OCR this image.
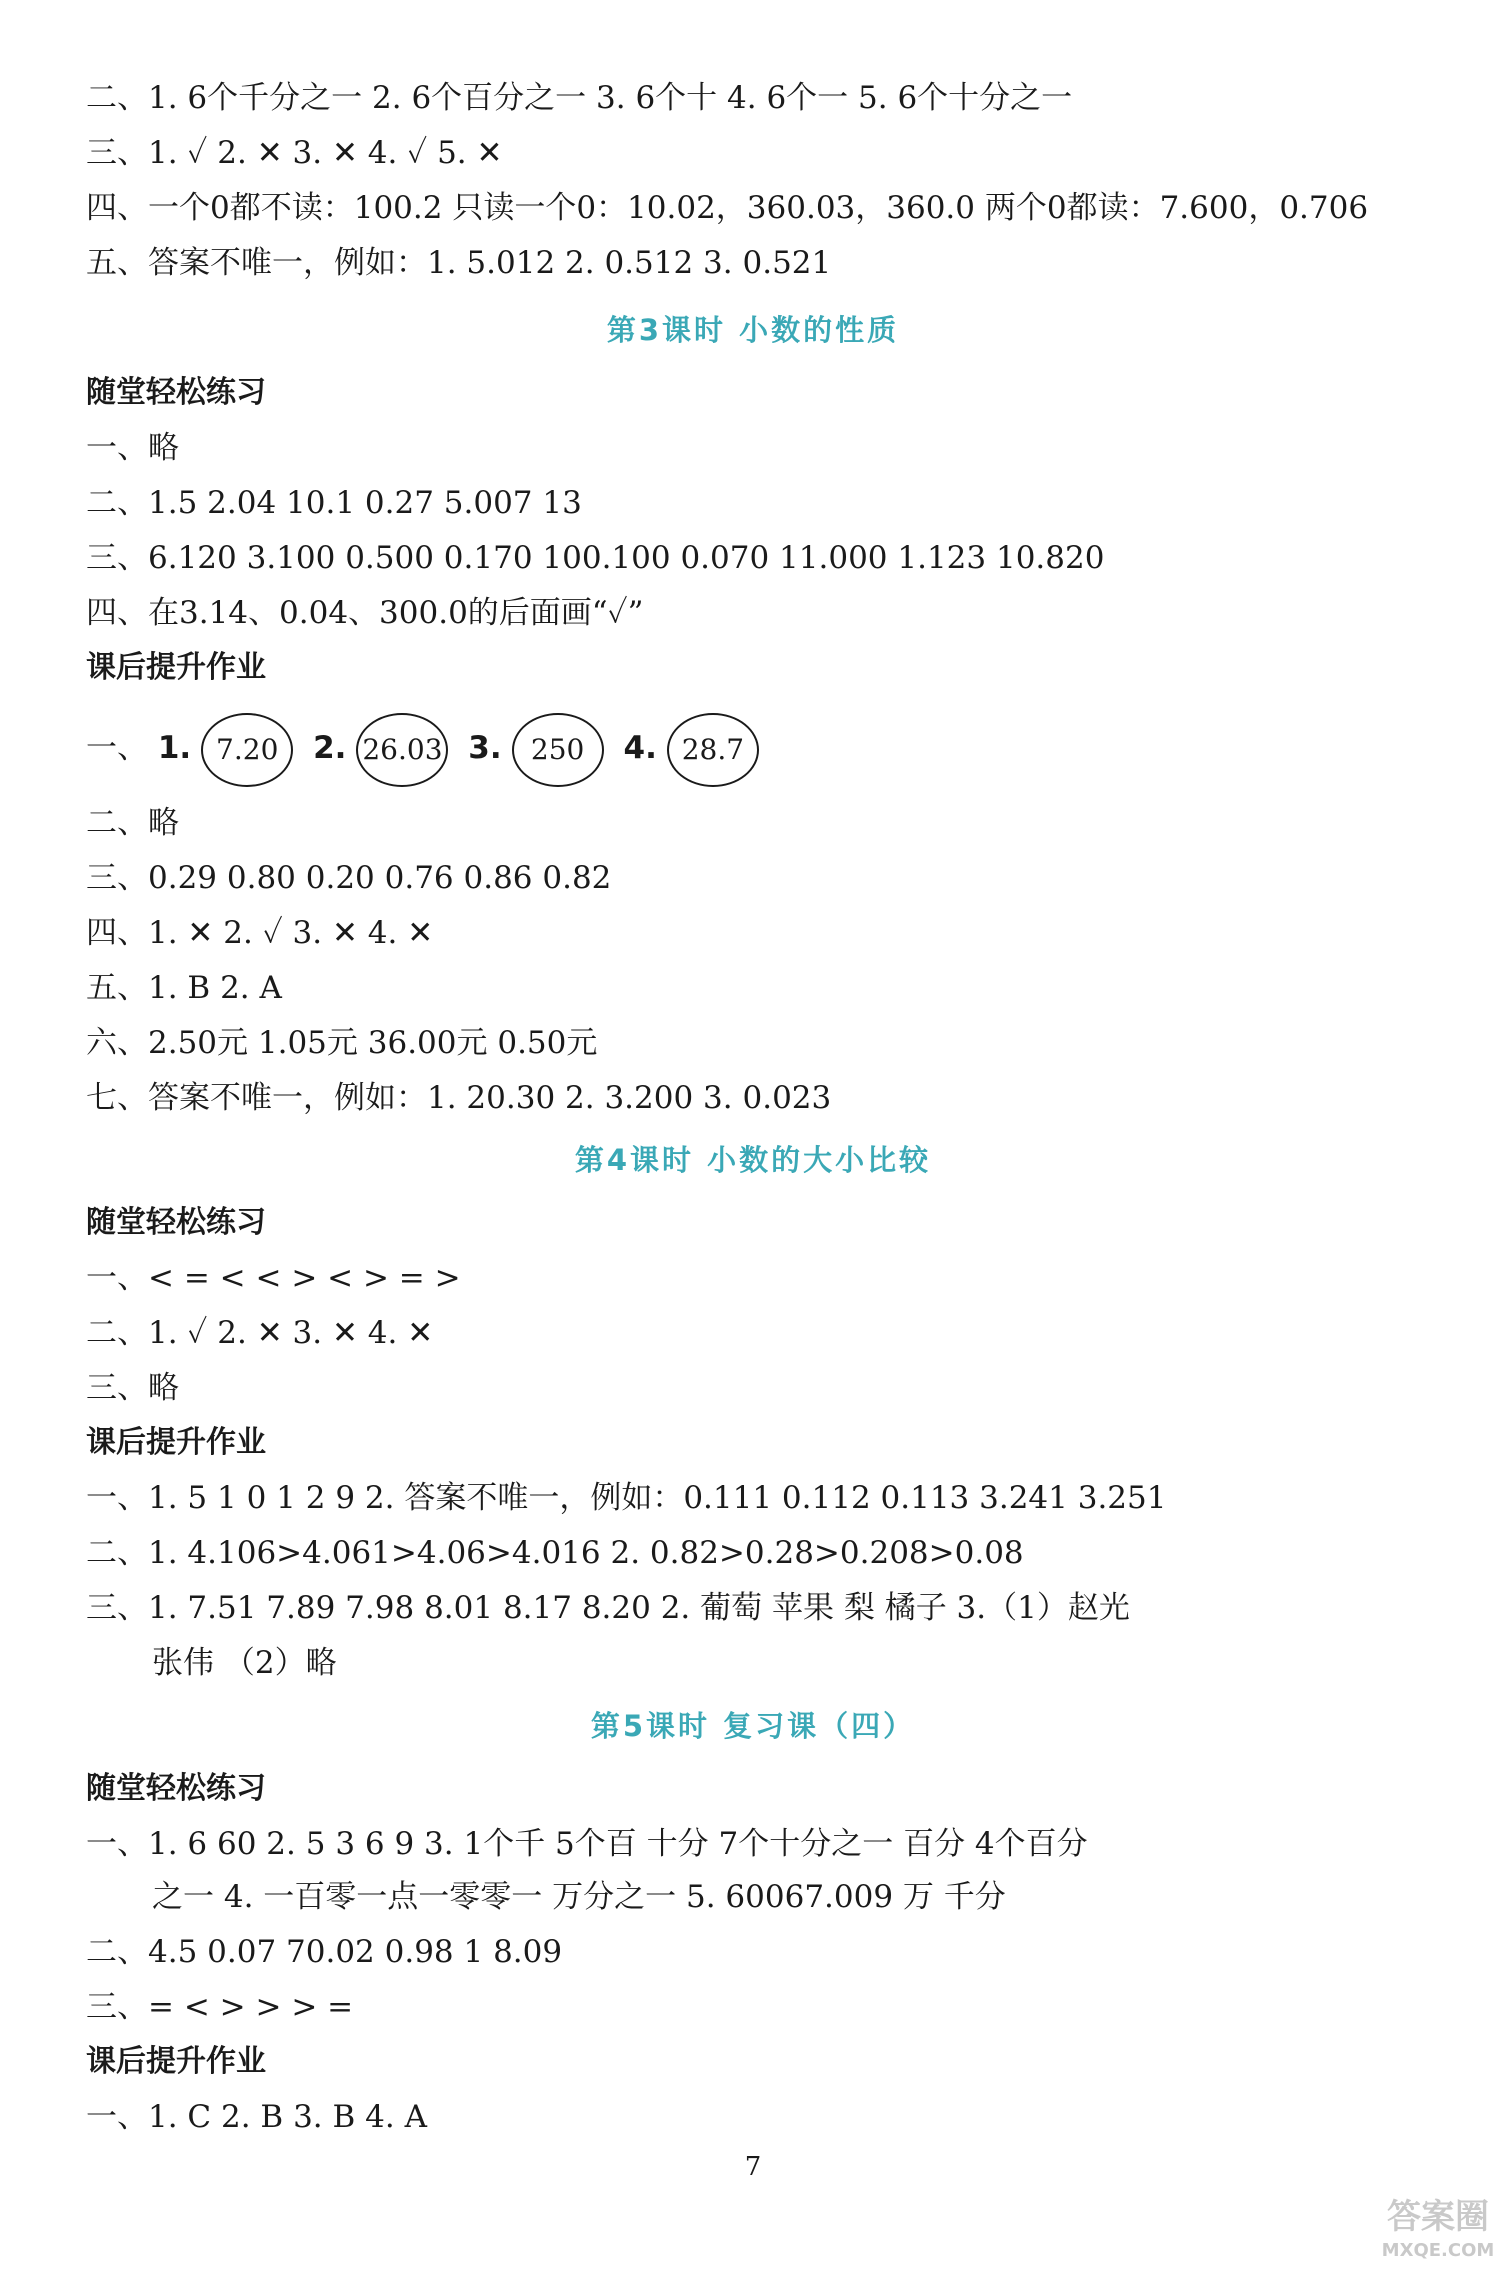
二、1. 6个千分之一 2. 6个百分之一 3. 6个十 4. 6个一 5. 6个十分之一
三、1. ✓ 2. ✕ 3. ✕ 4. ✓ 5. ✕
四、一个0都不读：100.2 只读一个0：10.02，360.03，360.0 两个0都读：7.600，0.706
五、答案不唯一，例如：1. 5.012 2. 0.512 3. 0.521
第3课时 小数的性质
随堂轻松练习
一、略
二、1.5 2.04 10.1 0.27 5.007 13
三、6.120 3.100 0.500 0.170 100.100 0.070 11.000 1.123 10.820
四、在3.14、0.04、300.0的后面画“✓”
课后提升作业
一、 1. 7.20 2. 26.03 3. 250 4. 28.7
二、略
三、0.29 0.80 0.20 0.76 0.86 0.82
四、1. ✕ 2. ✓ 3. ✕ 4. ✕
五、1. B 2. A
六、2.50元 1.05元 36.00元 0.50元
七、答案不唯一，例如：1. 20.30 2. 3.200 3. 0.023
第4课时 小数的大小比较
随堂轻松练习
一、< = < < > < > = >
二、1. ✓ 2. ✕ 3. ✕ 4. ✕
三、略
课后提升作业
一、1. 5 1 0 1 2 9 2. 答案不唯一，例如：0.111 0.112 0.113 3.241 3.251
二、1. 4.106>4.061>4.06>4.016 2. 0.82>0.28>0.208>0.08
三、1. 7.51 7.89 7.98 8.01 8.17 8.20 2. 葡萄 苹果 梨 橘子 3.（1）赵光
张伟 （2）略
第5课时 复习课（四）
随堂轻松练习
一、1. 6 60 2. 5 3 6 9 3. 1个千 5个百 十分 7个十分之一 百分 4个百分
之一 4. 一百零一点一零零一 万分之一 5. 60067.009 万 千分
二、4.5 0.07 70.02 0.98 1 8.09
三、= < > > > =
课后提升作业
一、1. C 2. B 3. B 4. A
7
答案圈
MXQE.COM
